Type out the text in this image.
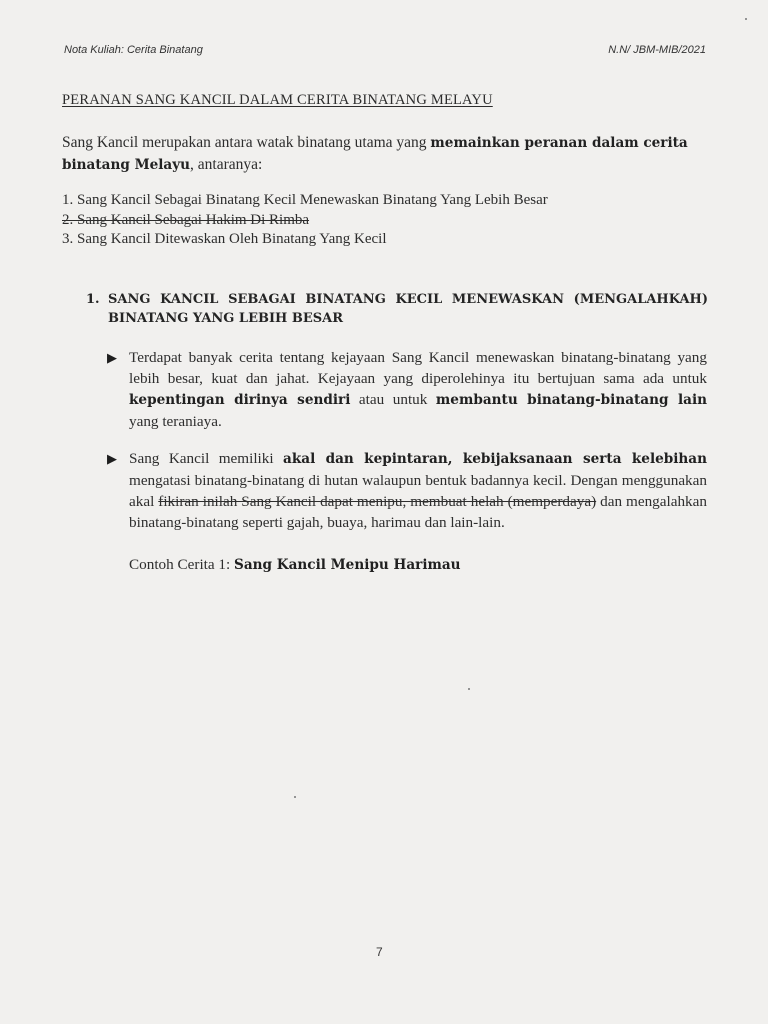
Nota Kuliah: Cerita Binatang	N.N/ JBM-MIB/2021
PERANAN SANG KANCIL DALAM CERITA BINATANG MELAYU
Sang Kancil merupakan antara watak binatang utama yang memainkan peranan dalam cerita binatang Melayu, antaranya:
1. Sang Kancil Sebagai Binatang Kecil Menewaskan Binatang Yang Lebih Besar
2. Sang Kancil Sebagai Hakim Di Rimba
3. Sang Kancil Ditewaskan Oleh Binatang Yang Kecil
1. SANG KANCIL SEBAGAI BINATANG KECIL MENEWASKAN (MENGALAHKAH) BINATANG YANG LEBIH BESAR
▶ Terdapat banyak cerita tentang kejayaan Sang Kancil menewaskan binatang-binatang yang lebih besar, kuat dan jahat. Kejayaan yang diperolehinya itu bertujuan sama ada untuk kepentingan dirinya sendiri atau untuk membantu binatang-binatang lain yang teraniaya.
▶ Sang Kancil memiliki akal dan kepintaran, kebijaksanaan serta kelebihan mengatasi binatang-binatang di hutan walaupun bentuk badannya kecil. Dengan menggunakan akal fikiran inilah Sang Kancil dapat menipu, membuat helah (memperdaya) dan mengalahkan binatang-binatang seperti gajah, buaya, harimau dan lain-lain.
Contoh Cerita 1: Sang Kancil Menipu Harimau
7
